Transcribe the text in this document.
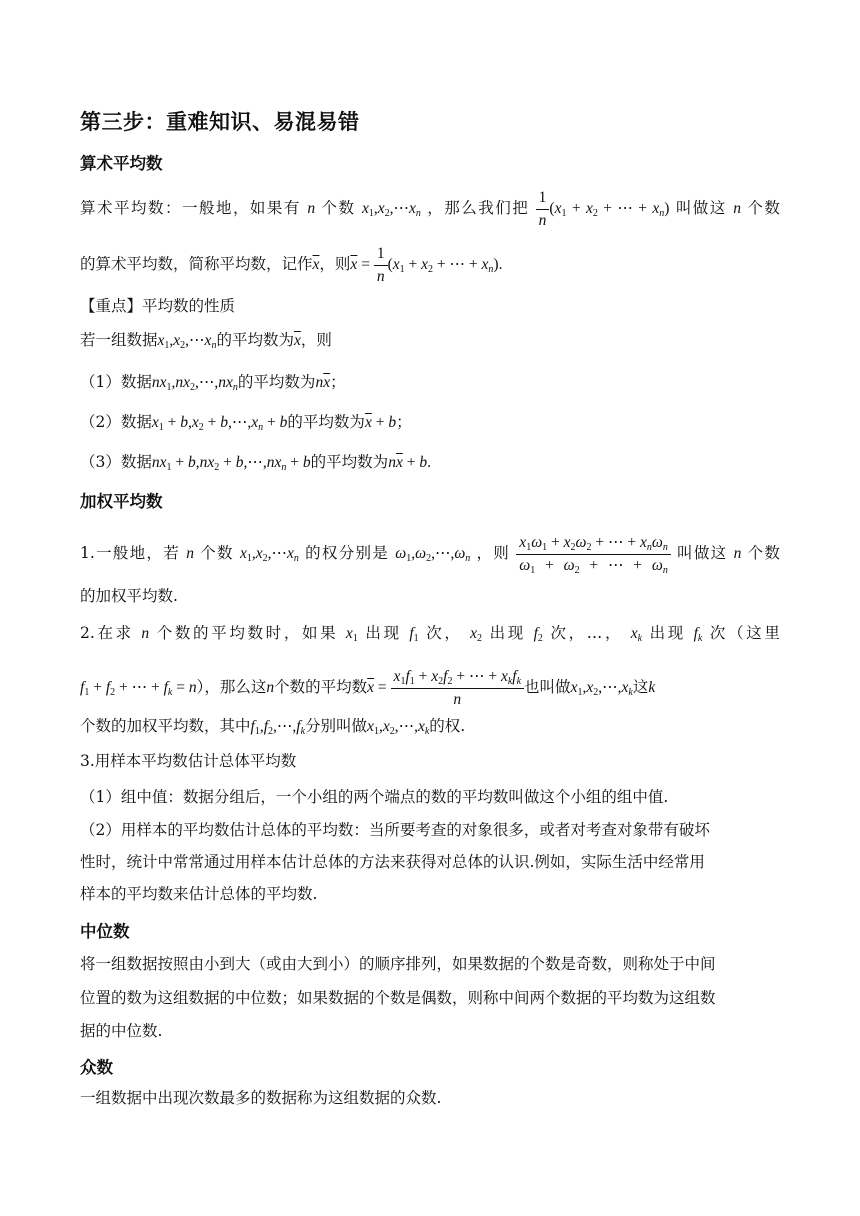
第三步：重难知识、易混易错
算术平均数
算术平均数：一般地，如果有 n 个数 $x_1,x_2,\cdots x_n$ ，那么我们把 $\frac{1}{n} (x_1 + x_2$ + ⋯ + $x_n$) 叫做这 n 个数
的算术平均数，简称平均数，记作$\overline{x}$，则$\overline{x} = \frac{1}{n} (x_1 + x_2$ + ⋯ + $x_n$).
【重点】平均数的性质
若一组数据$x_1,x_2,\cdots x_n$的平均数为$\overline{x}$，则
（1）数据$nx_1,nx_2,\cdots,nx_n$的平均数为$n\overline{x}$；
（2）数据$x_1 + b,x_2$ + $b,\cdots,x_n + b$的平均数为$\overline{x} + b$；
（3）数据$nx_1 + b,nx_2$ + $b,\cdots,nx_n + b$的平均数为$n\overline{x} + b$.
加权平均数
1.一般地，若 n 个数 $x_1,x_2,\cdots x_n$ 的权分别是 $\omega_1,\omega_2,\cdots,\omega_n$ ，则 $\frac{x_1\omega_1 + x_2\omega_2 + \cdots + x_n\omega_n}{\omega_1 + \omega_2 + \cdots + \omega_n}$ 叫做这 n 个数
的加权平均数.
2.在求 n 个数的平均数时，如果 $x_1$ 出现 $f_1$ 次， $x_2$ 出现 $f_2$ 次，…， $x_k$ 出现 $f_k$ 次（这里
$f_1 + f_2$ + ⋯ + $f_k = n$），那么这n个数的平均数$\overline{x} = \frac{x_1f_1 + x_2f_2 + \cdots + x_kf_k}{n}$ 也叫做$x_1,x_2,\cdots,x_k$这k
个数的加权平均数，其中$f_1,f_2,\cdots,f_k$分别叫做$x_1,x_2,\cdots,x_k$的权.
3.用样本平均数估计总体平均数
（1）组中值：数据分组后，一个小组的两个端点的数的平均数叫做这个小组的组中值.
（2）用样本的平均数估计总体的平均数：当所要考查的对象很多，或者对考查对象带有破坏
性时，统计中常常通过用样本估计总体的方法来获得对总体的认识.例如，实际生活中经常用
样本的平均数来估计总体的平均数.
中位数
将一组数据按照由小到大（或由大到小）的顺序排列，如果数据的个数是奇数，则称处于中间
位置的数为这组数据的中位数；如果数据的个数是偶数，则称中间两个数据的平均数为这组数
据的中位数.
众数
一组数据中出现次数最多的数据称为这组数据的众数.
